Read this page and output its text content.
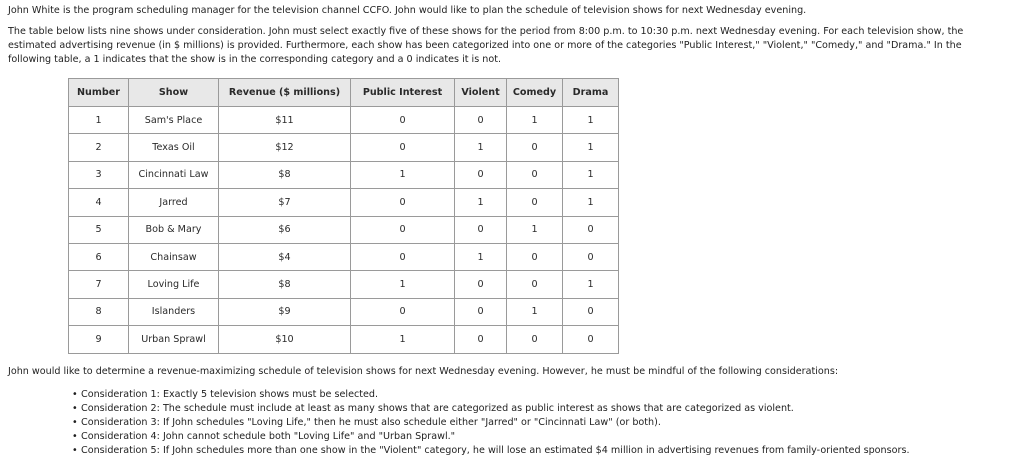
John White is the program scheduling manager for the television channel CCFO. John would like to plan the schedule of television shows for next Wednesday evening.

The table below lists nine shows under consideration. John must select exactly five of these shows for the period from 8:00 p.m. to 10:30 p.m. next Wednesday evening. For each television show, the
estimated advertising revenue (in $ millions) is provided. Furthermore, each show has been categorized into one or more of the categories "Public Interest," "Violent," "Comedy," and "Drama." In the
following table, a 1 indicates that the show is in the corresponding category and a 0 indicates it is not.

Number	Show	Revenue ($ millions)	Public Interest	Violent	Comedy	Drama
1	Sam's Place	$11	0	0	1	1
2	Texas Oil	$12	0	1	0	1
3	Cincinnati Law	$8	1	0	0	1
4	Jarred	$7	0	1	0	1
5	Bob & Mary	$6	0	0	1	0
6	Chainsaw	$4	0	1	0	0
7	Loving Life	$8	1	0	0	1
8	Islanders	$9	0	0	1	0
9	Urban Sprawl	$10	1	0	0	0

John would like to determine a revenue-maximizing schedule of television shows for next Wednesday evening. However, he must be mindful of the following considerations:

• Consideration 1: Exactly 5 television shows must be selected.
• Consideration 2: The schedule must include at least as many shows that are categorized as public interest as shows that are categorized as violent.
• Consideration 3: If John schedules "Loving Life," then he must also schedule either "Jarred" or "Cincinnati Law" (or both).
• Consideration 4: John cannot schedule both "Loving Life" and "Urban Sprawl."
• Consideration 5: If John schedules more than one show in the "Violent" category, he will lose an estimated $4 million in advertising revenues from family-oriented sponsors.
